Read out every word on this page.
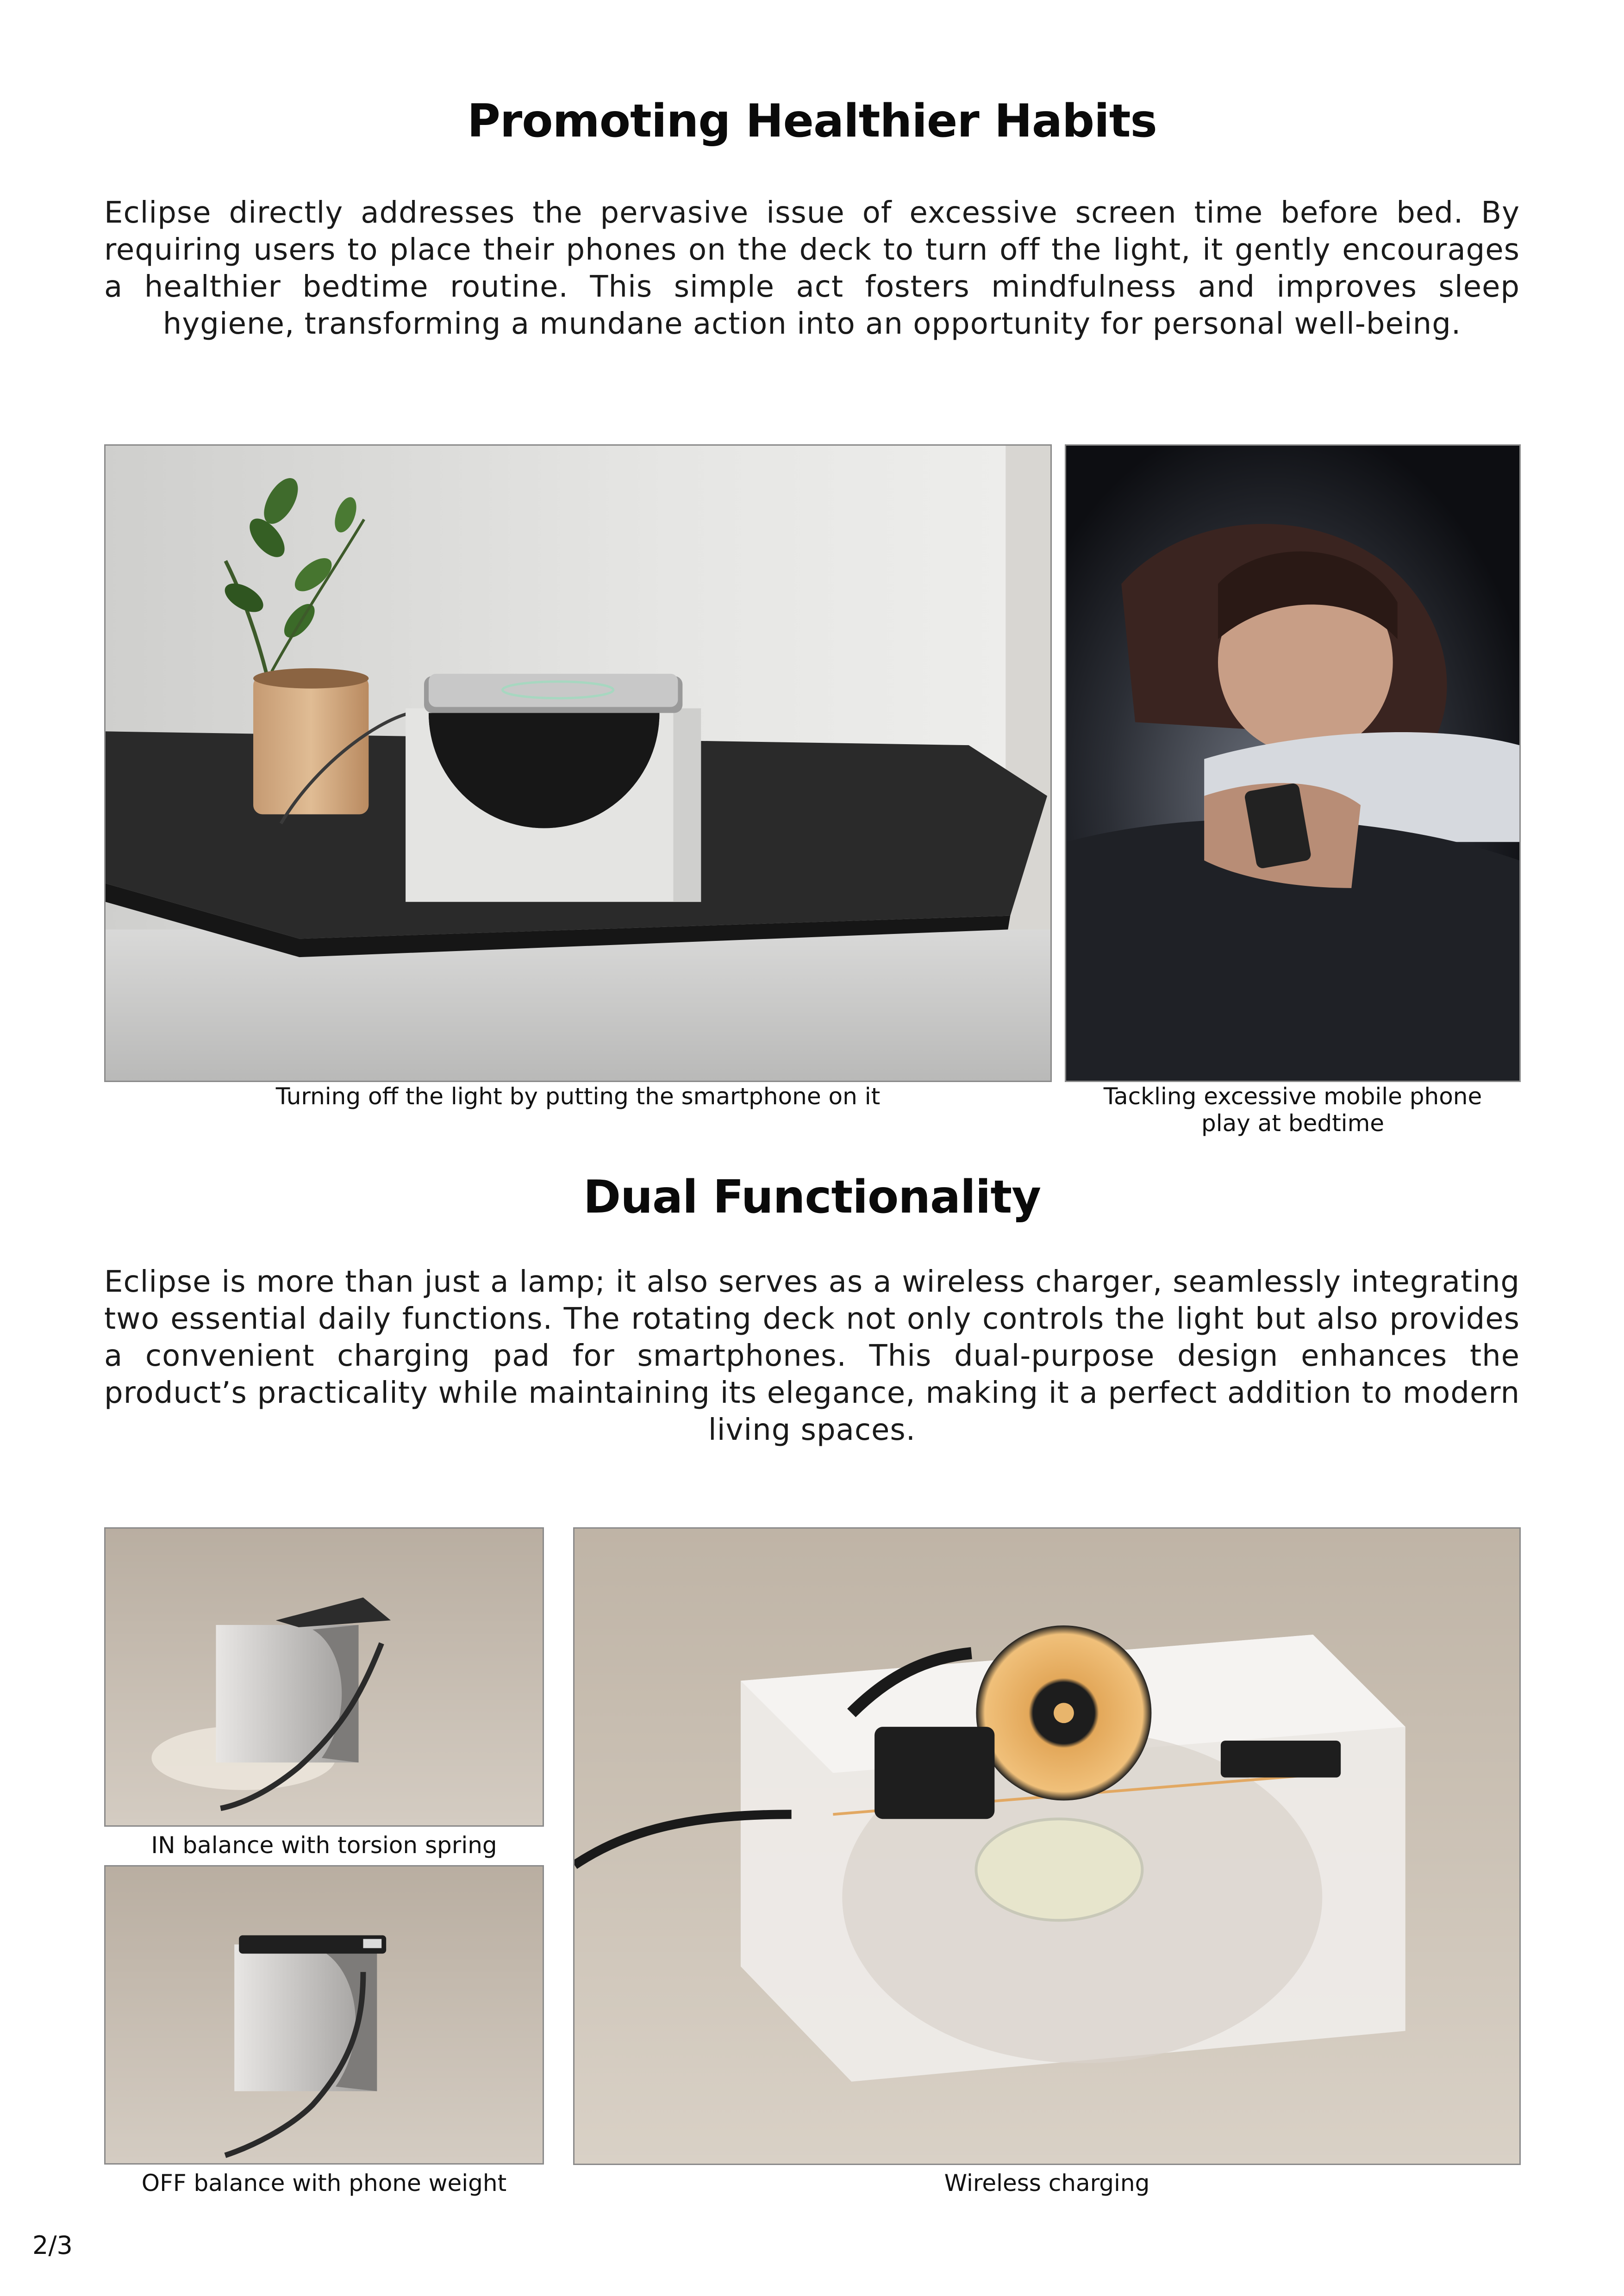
Promoting Healthier Habits

Eclipse directly addresses the pervasive issue of excessive screen time before bed. By requiring users to place their phones on the deck to turn off the light, it gently encourages a healthier bedtime routine. This simple act fosters mindfulness and improves sleep hygiene, transforming a mundane action into an opportunity for personal well-being.

Turning off the light by putting the smartphone on it	Tackling excessive mobile phone play at bedtime

Dual Functionality

Eclipse is more than just a lamp; it also serves as a wireless charger, seamlessly integrating two essential daily functions. The rotating deck not only controls the light but also provides a convenient charging pad for smartphones. This dual-purpose design enhances the product’s practicality while maintaining its elegance, making it a perfect addition to modern living spaces.

IN balance with torsion spring

OFF balance with phone weight	Wireless charging

2/3
